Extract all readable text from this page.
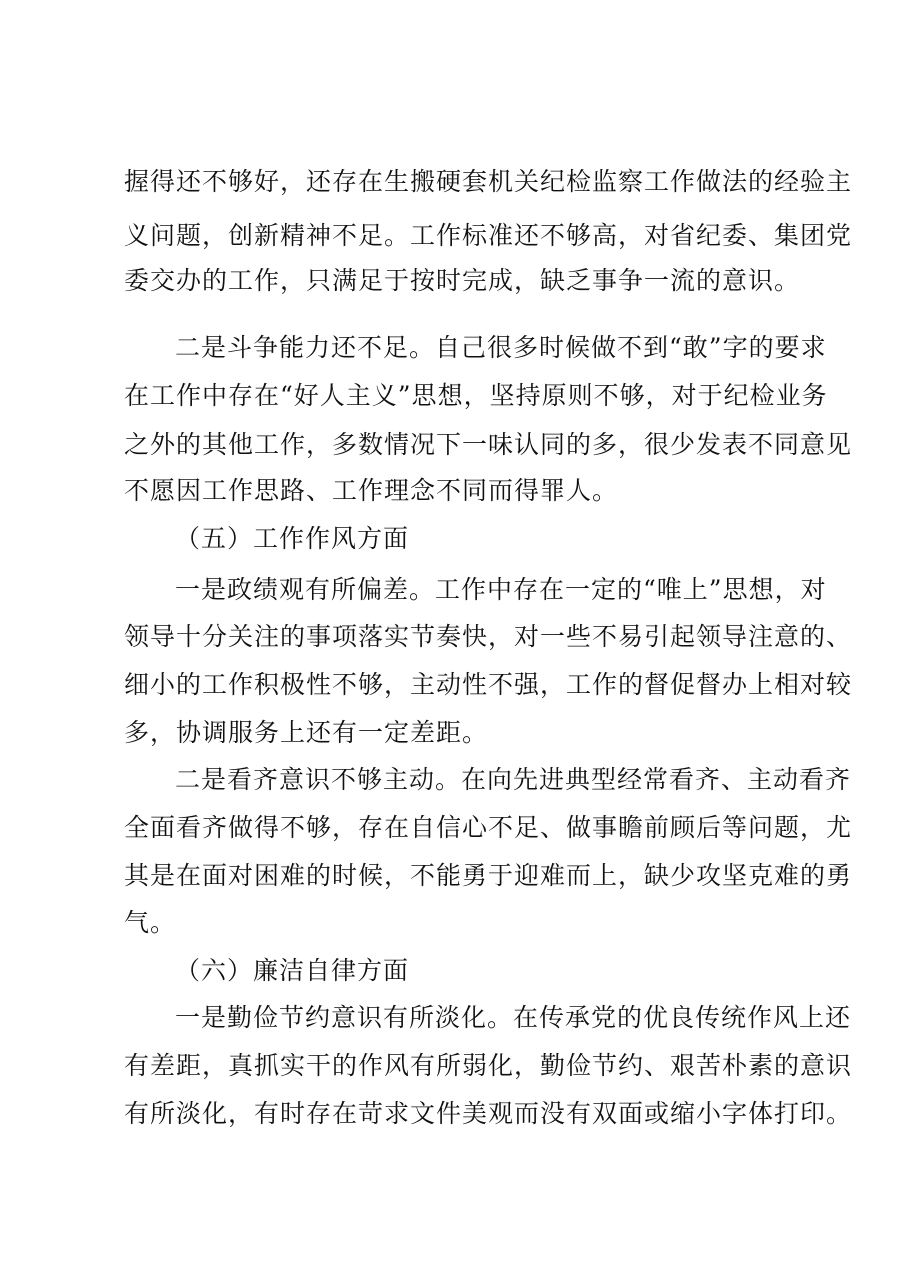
握得还不够好，还存在生搬硬套机关纪检监察工作做法的经验主
义问题，创新精神不足。工作标准还不够高，对省纪委、集团党
委交办的工作，只满足于按时完成，缺乏事争一流的意识。
二是斗争能力还不足。自己很多时候做不到“敢”字的要求
在工作中存在“好人主义”思想，坚持原则不够，对于纪检业务
之外的其他工作，多数情况下一味认同的多，很少发表不同意见
不愿因工作思路、工作理念不同而得罪人。
（五）工作作风方面
一是政绩观有所偏差。工作中存在一定的“唯上”思想，对
领导十分关注的事项落实节奏快，对一些不易引起领导注意的、
细小的工作积极性不够，主动性不强，工作的督促督办上相对较
多，协调服务上还有一定差距。
二是看齐意识不够主动。在向先进典型经常看齐、主动看齐
全面看齐做得不够，存在自信心不足、做事瞻前顾后等问题，尤
其是在面对困难的时候，不能勇于迎难而上，缺少攻坚克难的勇
气。
（六）廉洁自律方面
一是勤俭节约意识有所淡化。在传承党的优良传统作风上还
有差距，真抓实干的作风有所弱化，勤俭节约、艰苦朴素的意识
有所淡化，有时存在苛求文件美观而没有双面或缩小字体打印。
